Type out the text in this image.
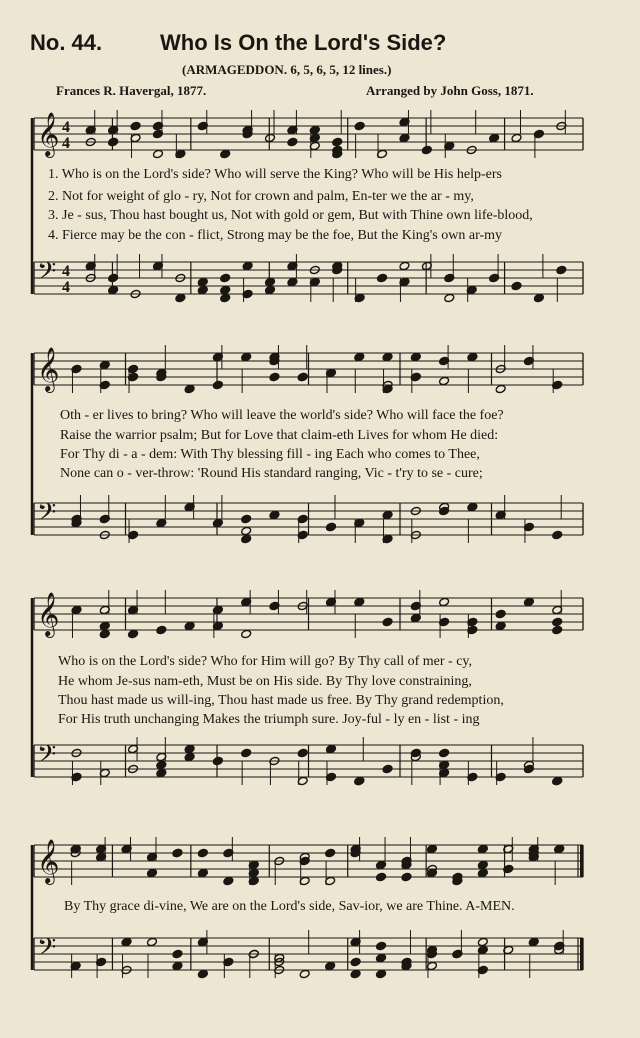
No. 44.	Who Is On the Lord's Side?
(ARMAGEDDON. 6, 5, 6, 5, 12 lines.)
Frances R. Havergal, 1877.	Arranged by John Goss, 1871.
𝄞 4
4
𝄢 4
4
𝄞
𝄢
𝄞
𝄢
𝄞
𝄢
1. Who is on the Lord's side? Who will serve the King? Who will be His help-ers
2. Not for weight of glo - ry, Not for crown and palm, En-ter we the ar - my,
3. Je - sus, Thou hast bought us, Not with gold or gem, But with Thine own life-blood,
4. Fierce may be the con - flict, Strong may be the foe, But the King's own ar-my
Oth - er lives to bring? Who will leave the world's side? Who will face the foe?
Raise the warrior psalm; But for Love that claim-eth Lives for whom He died:
For Thy di - a - dem: With Thy blessing fill - ing Each who comes to Thee,
None can o - ver-throw: 'Round His standard ranging, Vic - t'ry to se - cure;
Who is on the Lord's side? Who for Him will go? By Thy call of mer - cy,
He whom Je-sus nam-eth, Must be on His side. By Thy love constraining,
Thou hast made us will-ing, Thou hast made us free. By Thy grand redemption,
For His truth unchanging Makes the triumph sure. Joy-ful - ly en - list - ing
By Thy grace di-vine, We are on the Lord's side, Sav-ior, we are Thine. A-MEN.
